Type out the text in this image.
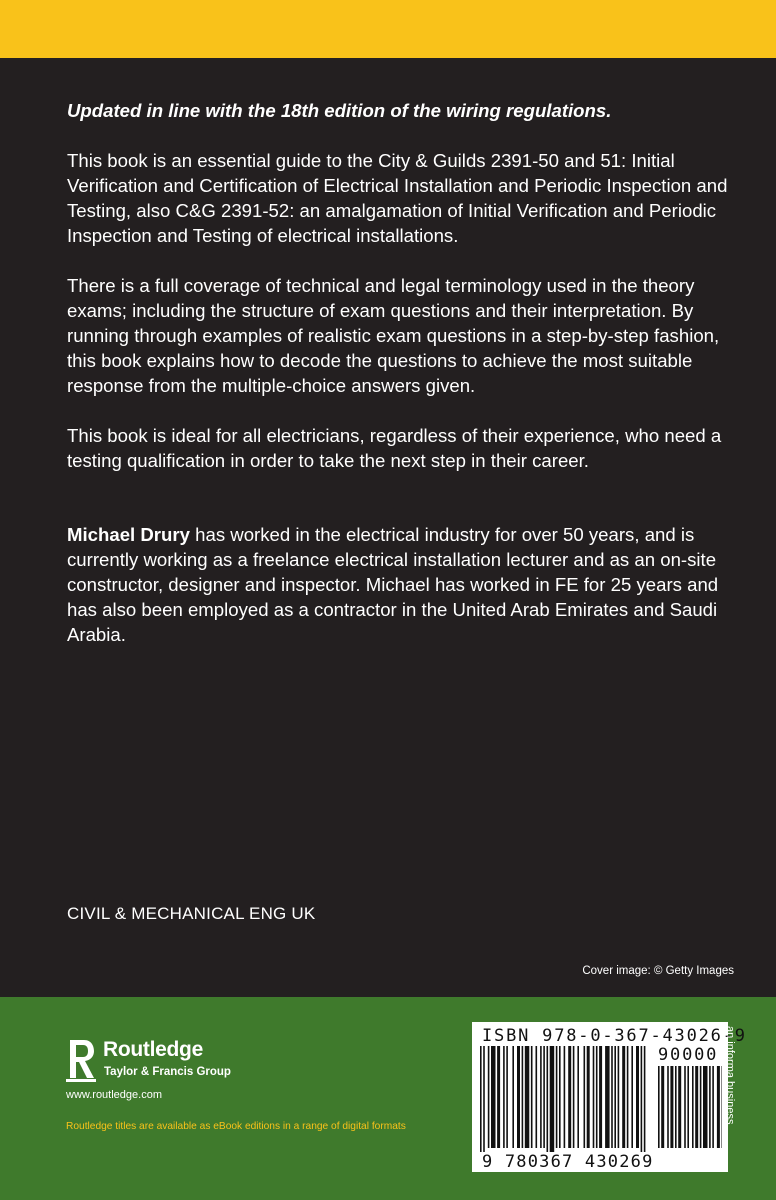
Updated in line with the 18th edition of the wiring regulations.

This book is an essential guide to the City & Guilds 2391-50 and 51: Initial Verification and Certification of Electrical Installation and Periodic Inspection and Testing, also C&G 2391-52: an amalgamation of Initial Verification and Periodic Inspection and Testing of electrical installations.

There is a full coverage of technical and legal terminology used in the theory exams; including the structure of exam questions and their interpretation. By running through examples of realistic exam questions in a step-by-step fashion, this book explains how to decode the questions to achieve the most suitable response from the multiple-choice answers given.

This book is ideal for all electricians, regardless of their experience, who need a testing qualification in order to take the next step in their career.

Michael Drury has worked in the electrical industry for over 50 years, and is currently working as a freelance electrical installation lecturer and as an on-site constructor, designer and inspector. Michael has worked in FE for 25 years and has also been employed as a contractor in the United Arab Emirates and Saudi Arabia.

CIVIL & MECHANICAL ENG UK
Cover image: © Getty Images
Routledge
Taylor & Francis Group
www.routledge.com
Routledge titles are available as eBook editions in a range of digital formats
ISBN 978-0-367-43026-9
90000
9 780367 430269
an informa business
